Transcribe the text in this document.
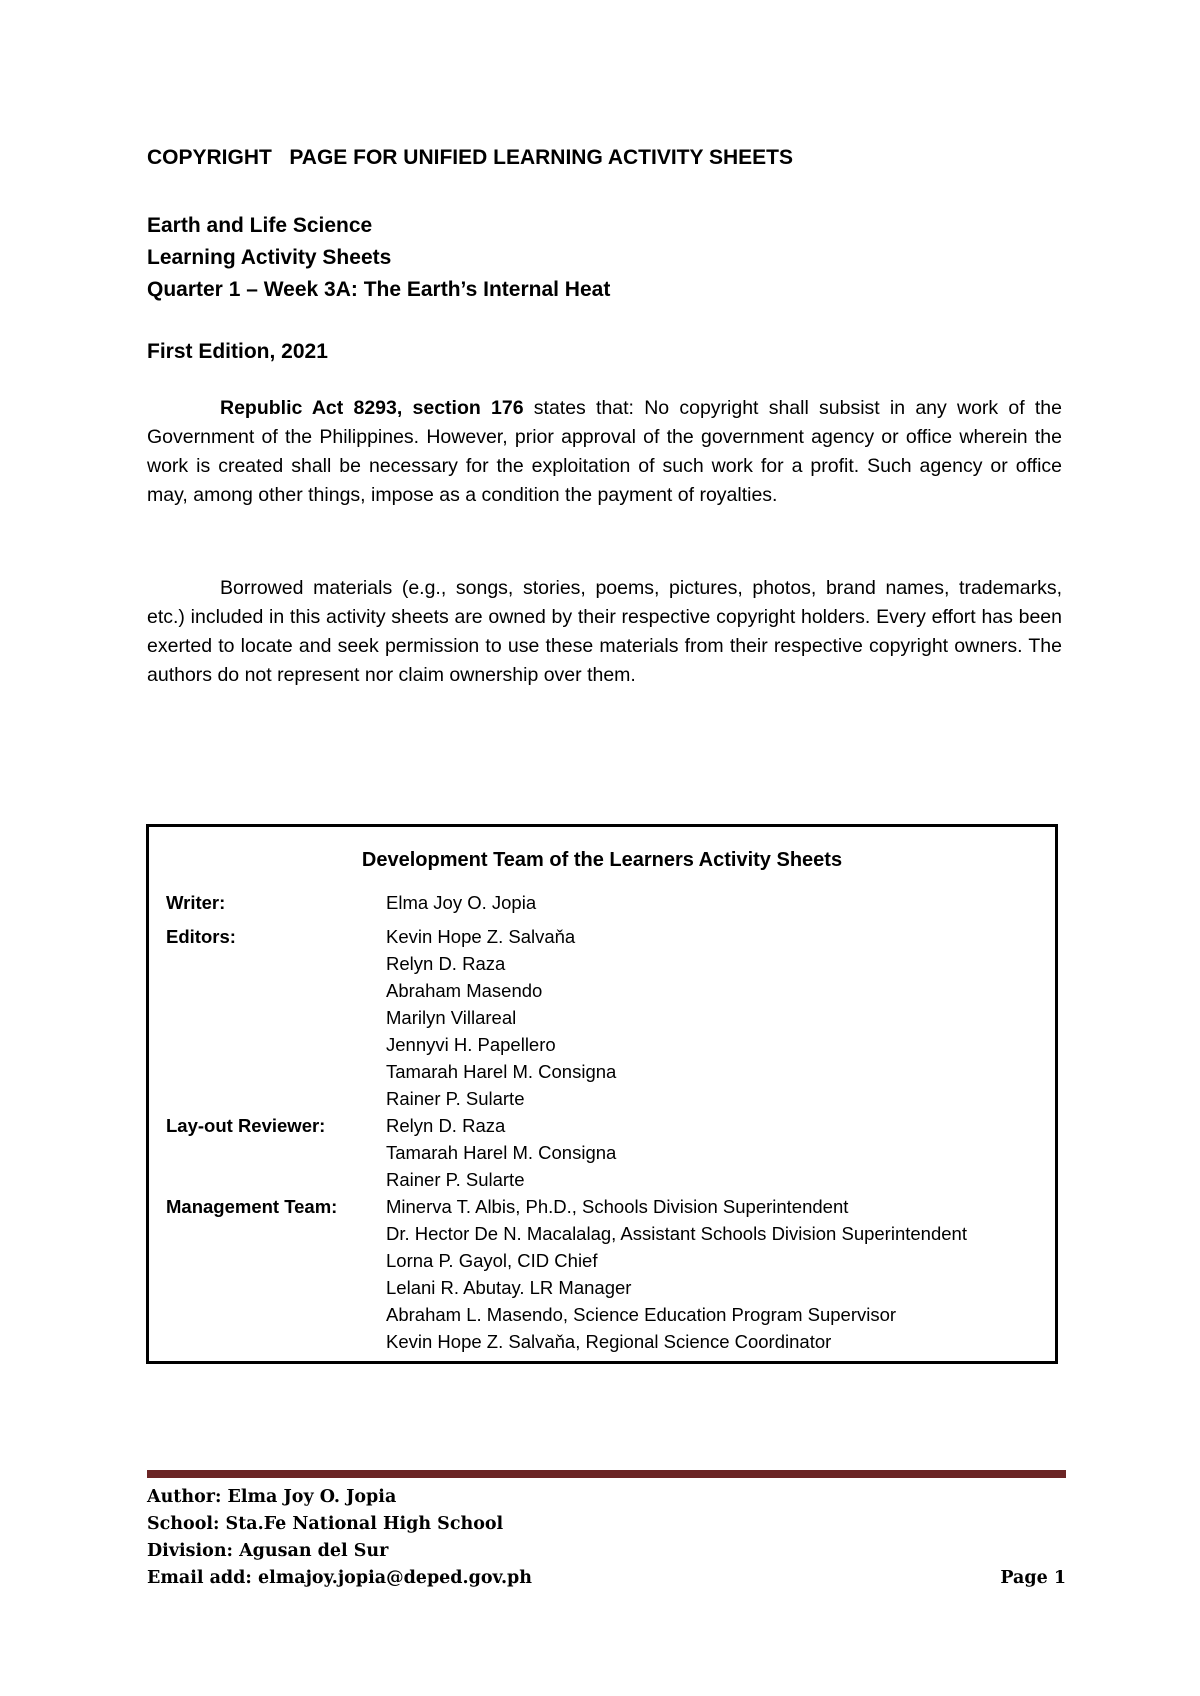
COPYRIGHT   PAGE FOR UNIFIED LEARNING ACTIVITY SHEETS
Earth and Life Science
Learning Activity Sheets
Quarter 1 – Week 3A: The Earth’s Internal Heat
First Edition, 2021
Republic Act 8293, section 176 states that: No copyright shall subsist in any work of the Government of the Philippines. However, prior approval of the government agency or office wherein the work is created shall be necessary for the exploitation of such work for a profit. Such agency or office may, among other things, impose as a condition the payment of royalties.
Borrowed materials (e.g., songs, stories, poems, pictures, photos, brand names, trademarks, etc.) included in this activity sheets are owned by their respective copyright holders. Every effort has been exerted to locate and seek permission to use these materials from their respective copyright owners. The authors do not represent nor claim ownership over them.
Development Team of the Learners Activity Sheets
Writer:	Elma Joy O. Jopia
Editors:	Kevin Hope Z. Salvaňa
Relyn D. Raza
Abraham Masendo
Marilyn Villareal
Jennyvi H. Papellero
Tamarah Harel M. Consigna
Rainer P. Sularte
Lay-out Reviewer:	Relyn D. Raza
Tamarah Harel M. Consigna
Rainer P. Sularte
Management Team:	Minerva T. Albis, Ph.D., Schools Division Superintendent
Dr. Hector De N. Macalalag, Assistant Schools Division Superintendent
Lorna P. Gayol, CID Chief
Lelani R. Abutay. LR Manager
Abraham L. Masendo, Science Education Program Supervisor
Kevin Hope Z. Salvaňa, Regional Science Coordinator
Author: Elma Joy O. Jopia
School: Sta.Fe National High School
Division: Agusan del Sur
Email add: elmajoy.jopia@deped.gov.ph	Page 1
